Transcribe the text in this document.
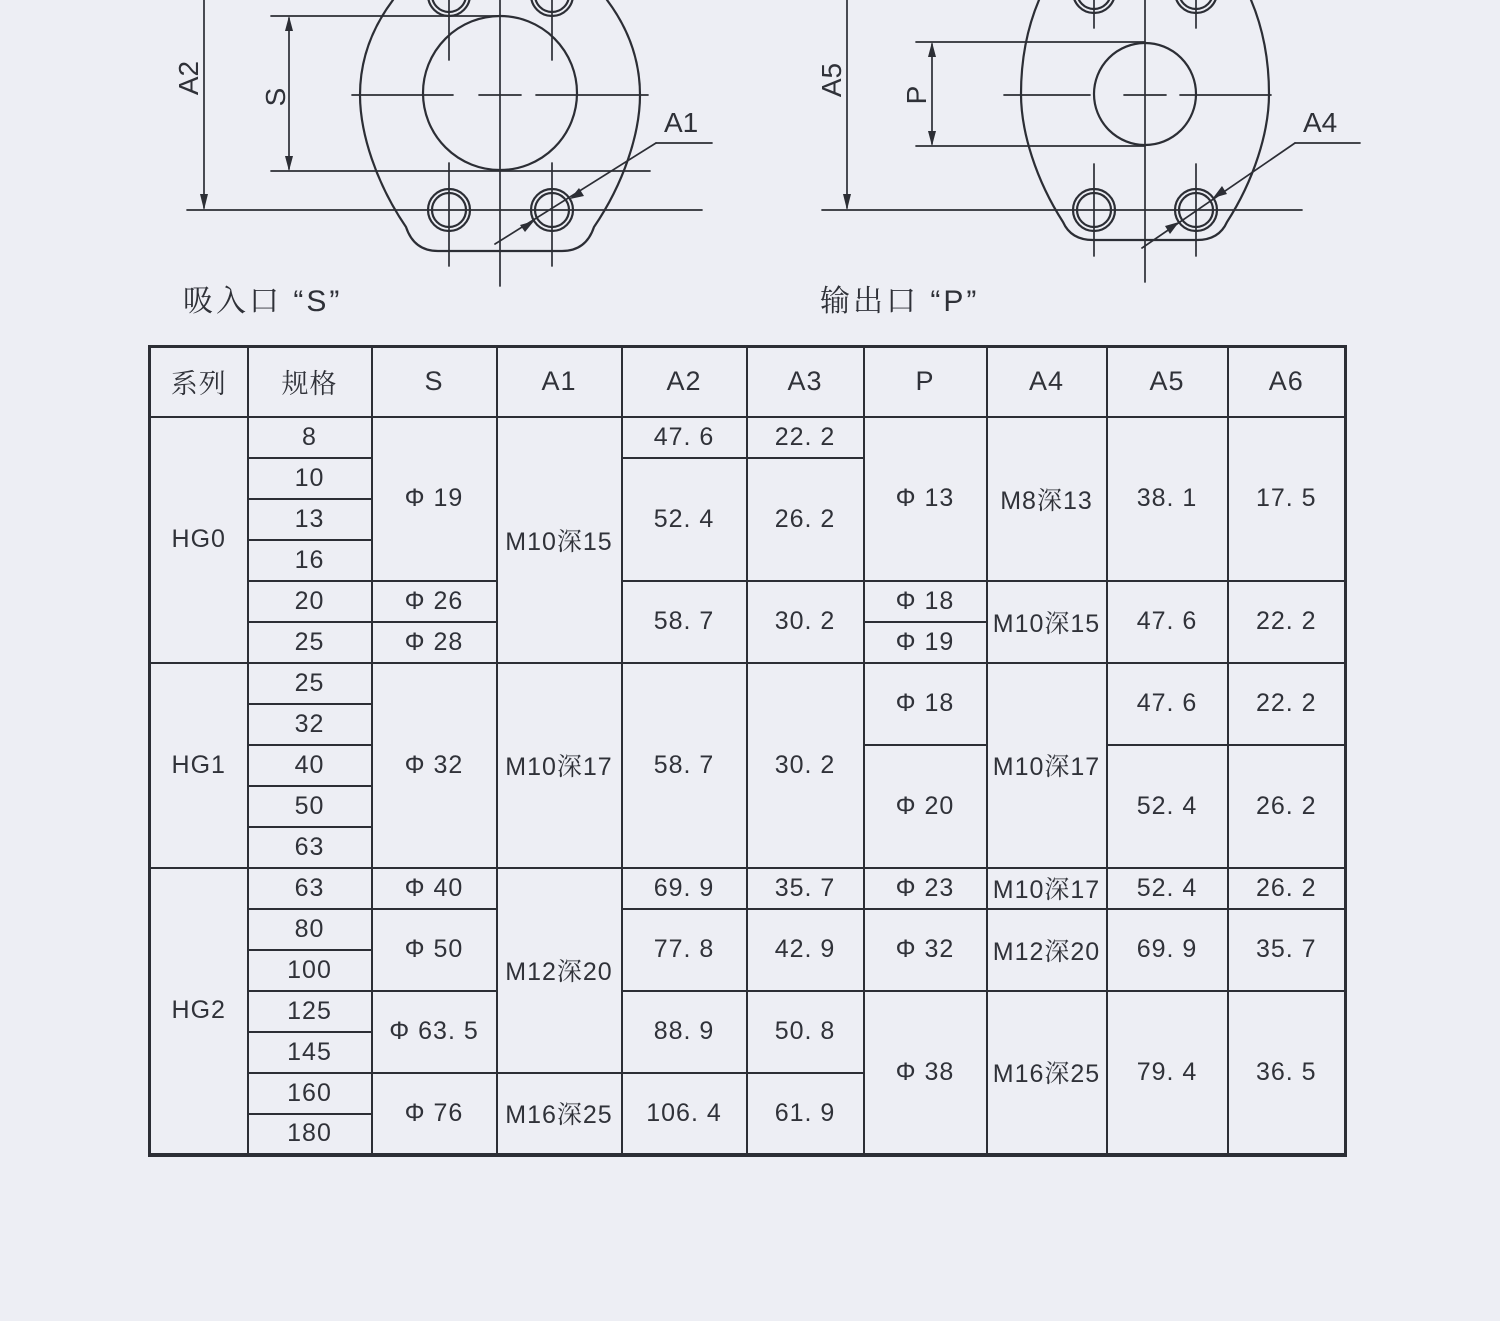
A2
S
A1
A5 P
A4
吸入口 “S”	输出口 “P”
系列	规格	S	A1	A2	A3	P	A4	A5	A6
HG0	8	Φ 19	M10深15	47. 6	22. 2	Φ 13	M8深13	38. 1	17. 5
	10			52. 4	26. 2				
	13								
	16								
	20	Φ 26		58. 7	30. 2	Φ 18	M10深15	47. 6	22. 2
	25	Φ 28				Φ 19			
HG1	25	Φ 32	M10深17	58. 7	30. 2	Φ 18	M10深17	47. 6	22. 2
	32								
	40					Φ 20		52. 4	26. 2
	50								
	63								
HG2	63	Φ 40	M12深20	69. 9	35. 7	Φ 23	M10深17	52. 4	26. 2
	80	Φ 50		77. 8	42. 9	Φ 32	M12深20	69. 9	35. 7
	100								
	125	Φ 63. 5		88. 9	50. 8	Φ 38	M16深25	79. 4	36. 5
	145								
	160	Φ 76	M16深25	106. 4	61. 9				
	180								
